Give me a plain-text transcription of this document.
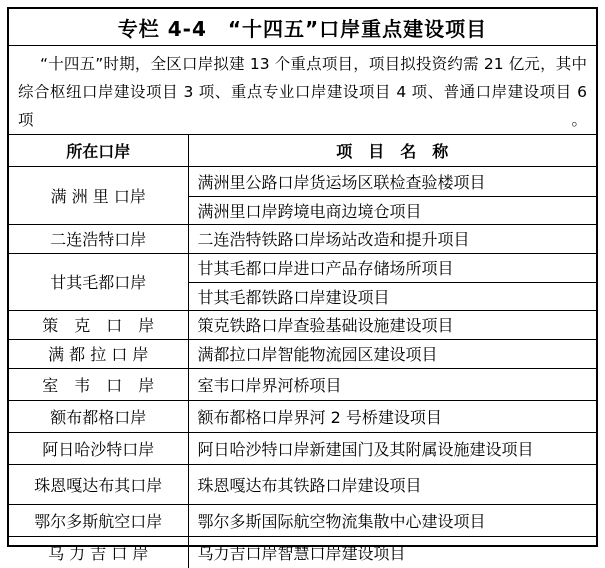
专栏 4-4　“十四五”口岸重点建设项目
“十四五”时期，全区口岸拟建 13 个重点项目，项目拟投资约需 21 亿元，其中
综合枢纽口岸建设项目 3 项、重点专业口岸建设项目 4 项、普通口岸建设项目 6 项。
所在口岸	项　目　名　称
满 洲 里 口岸	满洲里公路口岸货运场区联检查验楼项目
	满洲里口岸跨境电商边境仓项目
二连浩特口岸	二连浩特铁路口岸场站改造和提升项目
甘其毛都口岸	甘其毛都口岸进口产品存储场所项目
	甘其毛都铁路口岸建设项目
策　克　口　岸	策克铁路口岸查验基础设施建设项目
满 都 拉 口 岸	满都拉口岸智能物流园区建设项目
室　韦　口　岸	室韦口岸界河桥项目
额布都格口岸	额布都格口岸界河 2 号桥建设项目
阿日哈沙特口岸	阿日哈沙特口岸新建国门及其附属设施建设项目
珠恩嘎达布其口岸	珠恩嘎达布其铁路口岸建设项目
鄂尔多斯航空口岸	鄂尔多斯国际航空物流集散中心建设项目
乌 力 吉 口 岸	乌力吉口岸智慧口岸建设项目
